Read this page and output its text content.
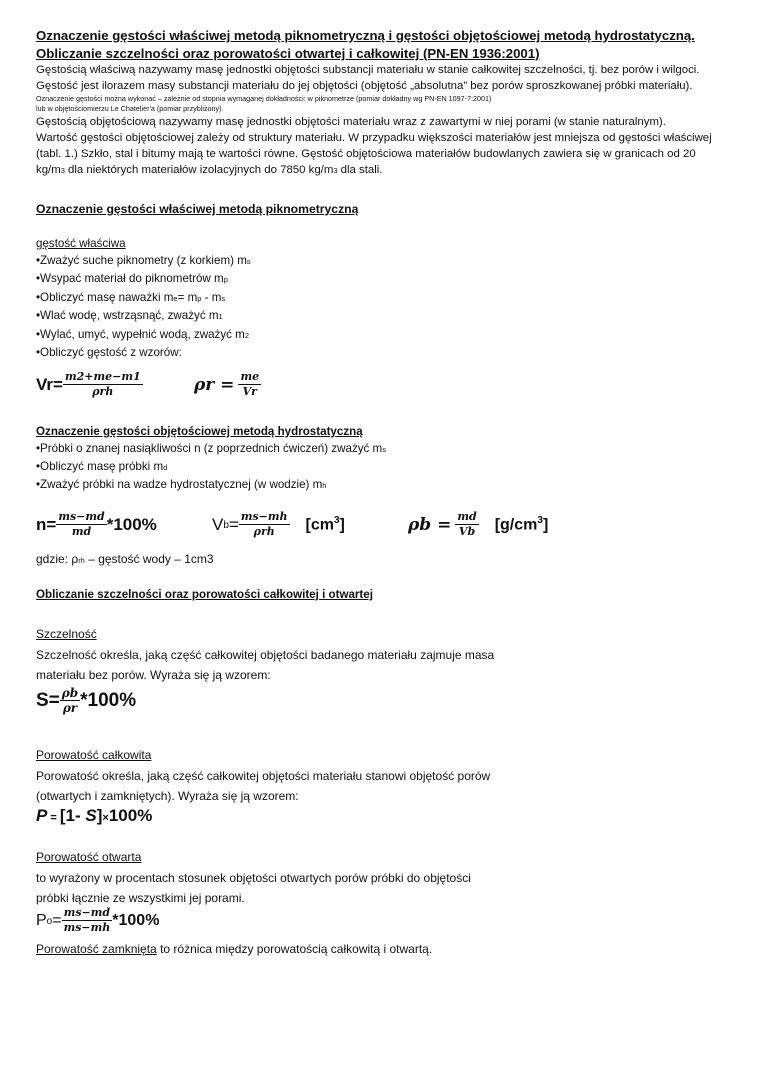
Oznaczenie gęstości właściwej metodą piknometryczną i gęstości objętościowej metodą hydrostatyczną.
Obliczanie szczelności oraz porowatości otwartej i całkowitej (PN-EN 1936:2001)
Gęstością właściwą nazywamy masę jednostki objętości substancji materiału w stanie całkowitej szczelności, tj. bez porów i wilgoci.
Gęstość jest ilorazem masy substancji materiału do jej objętości (objętość „absolutna” bez porów sproszkowanej próbki materiału).
Oznaczenie gęstości można wykonać – zależnie od stopnia wymaganej dokładności: w piknometrze (pomiar dokładny wg PN-EN 1097-7:2001)
lub w objętościomierzu Le Chatelier'a (pomiar przybliżony).
Gęstością objętościową nazywamy masę jednostki objętości materiału wraz z zawartymi w niej porami (w stanie naturalnym).
Wartość gęstości objętościowej zależy od struktury materiału. W przypadku większości materiałów jest mniejsza od gęstości właściwej
(tabl. 1.) Szkło, stal i bitumy mają te wartości równe. Gęstość objętościowa materiałów budowlanych zawiera się w granicach od 20
kg/m3 dla niektórych materiałów izolacyjnych do 7850 kg/m3 dla stali.
Oznaczenie gęstości właściwej metodą piknometryczną
gęstość właściwa
•Zważyć suche piknometry (z korkiem) ms
•Wsypać materiał do piknometrów mp
•Obliczyć masę naważki me= mp - ms
•Wlać wodę, wstrząsnąć, zważyć m1
•Wylać, umyć, wypełnić wodą, zważyć m2
•Obliczyć gęstość z wzorów:
$Vr= \frac{m2+me-m1}{\text{ρrh}}$	$\rho r = \frac{me}{Vr}$
Oznaczenie gęstości objętościowej metodą hydrostatyczną
•Próbki o znanej nasiąkliwości n (z poprzednich ćwiczeń) zważyć ms
•Obliczyć masę próbki md
•Zważyć próbki na wadze hydrostatycznej (w wodzie) mh
$n= \frac{ms-md}{md} *100\%$	V $b = \frac{ms-mh}{\text{ρrh}} [cm^3]$	$\rho b = \frac{md}{Vb} [g/cm^3]$
gdzie: ρrh – gęstość wody – 1cm3
Obliczanie szczelności oraz porowatości całkowitej i otwartej
Szczelność
Szczelność określa, jaką część całkowitej objętości badanego materiału zajmuje masa
materiału bez porów. Wyraża się ją wzorem:
$S= \frac{\rho b}{\rho r} *100\%$
Porowatość całkowita
Porowatość określa, jaką część całkowitej objętości materiału stanowi objętość porów
(otwartych i zamkniętych). Wyraża się ją wzorem:
P = [1- S]×100%
Porowatość otwarta
to wyrażony w procentach stosunek objętości otwartych porów próbki do objętości
próbki łącznie ze wszystkimi jej porami.
P $o = \frac{ms-md}{ms-mh} *100\%$
Porowatość zamknięta to różnica między porowatością całkowitą i otwartą.
